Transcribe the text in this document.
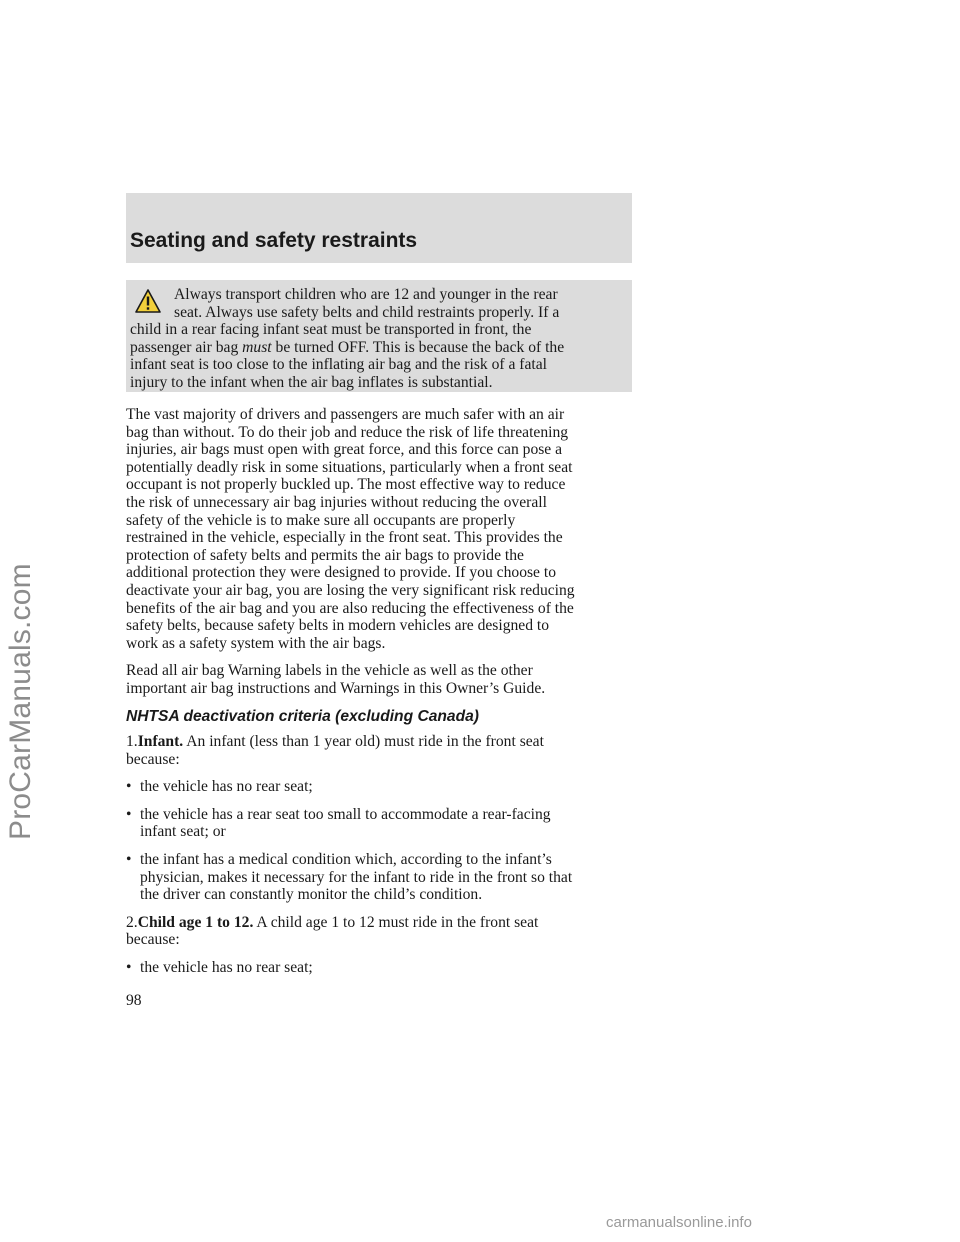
ProCarManuals.com
Seating and safety restraints
Always transport children who are 12 and younger in the rear
seat. Always use safety belts and child restraints properly. If a
child in a rear facing infant seat must be transported in front, the
passenger air bag must be turned OFF. This is because the back of the
infant seat is too close to the inflating air bag and the risk of a fatal
injury to the infant when the air bag inflates is substantial.
The vast majority of drivers and passengers are much safer with an air
bag than without. To do their job and reduce the risk of life threatening
injuries, air bags must open with great force, and this force can pose a
potentially deadly risk in some situations, particularly when a front seat
occupant is not properly buckled up. The most effective way to reduce
the risk of unnecessary air bag injuries without reducing the overall
safety of the vehicle is to make sure all occupants are properly
restrained in the vehicle, especially in the front seat. This provides the
protection of safety belts and permits the air bags to provide the
additional protection they were designed to provide. If you choose to
deactivate your air bag, you are losing the very significant risk reducing
benefits of the air bag and you are also reducing the effectiveness of the
safety belts, because safety belts in modern vehicles are designed to
work as a safety system with the air bags.
Read all air bag Warning labels in the vehicle as well as the other
important air bag instructions and Warnings in this Owner’s Guide.
NHTSA deactivation criteria (excluding Canada)
1.Infant. An infant (less than 1 year old) must ride in the front seat
because:
• the vehicle has no rear seat;
• the vehicle has a rear seat too small to accommodate a rear-facing
infant seat; or
• the infant has a medical condition which, according to the infant’s
physician, makes it necessary for the infant to ride in the front so that
the driver can constantly monitor the child’s condition.
2.Child age 1 to 12. A child age 1 to 12 must ride in the front seat
because:
• the vehicle has no rear seat;
98
carmanualsonline.info
